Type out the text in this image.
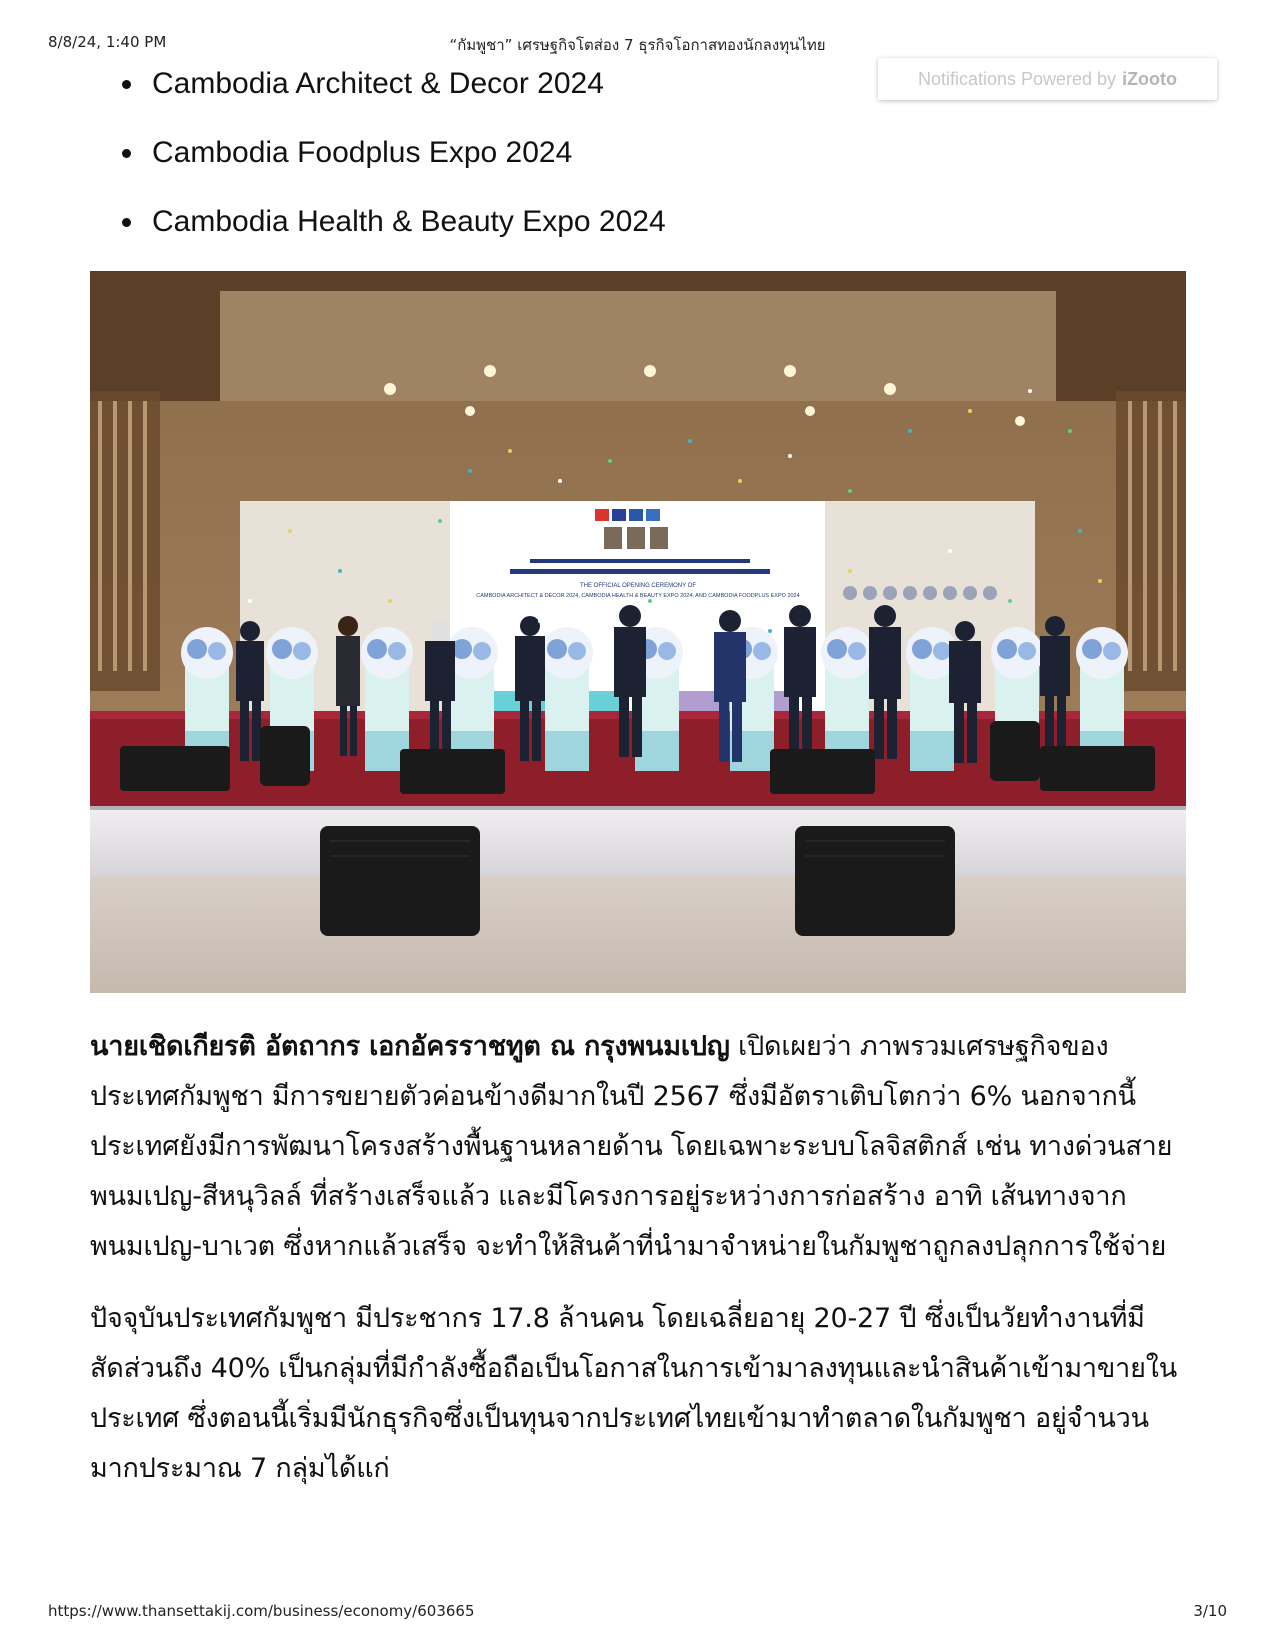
8/8/24, 1:40 PM	“กัมพูชา” เศรษฐกิจโตส่อง 7 ธุรกิจโอกาสทองนักลงทุนไทย
Notifications Powered by iZooto
Cambodia Architect & Decor 2024
Cambodia Foodplus Expo 2024
Cambodia Health & Beauty Expo 2024
THE OFFICIAL OPENING CEREMONY OF
CAMBODIA ARCHITECT & DECOR 2024, CAMBODIA HEALTH & BEAUTY EXPO 2024, AND CAMBODIA FOODPLUS EXPO 2024

นายเชิดเกียรติ อัตถากร เอกอัครราชทูต ณ กรุงพนมเปญ เปิดเผยว่า ภาพรวมเศรษฐกิจของประเทศกัมพูชา มีการขยายตัวค่อนข้างดีมากในปี 2567 ซึ่งมีอัตราเติบโตกว่า 6% นอกจากนี้ประเทศยังมีการพัฒนาโครงสร้างพื้นฐานหลายด้าน โดยเฉพาะระบบโลจิสติกส์ เช่น ทางด่วนสายพนมเปญ-สีหนุวิลล์ ที่สร้างเสร็จแล้ว และมีโครงการอยู่ระหว่างการก่อสร้าง อาทิ เส้นทางจากพนมเปญ-บาเวต ซึ่งหากแล้วเสร็จ จะทำให้สินค้าที่นำมาจำหน่ายในกัมพูชาถูกลงปลุกการใช้จ่าย

ปัจจุบันประเทศกัมพูชา มีประชากร 17.8 ล้านคน โดยเฉลี่ยอายุ 20-27 ปี ซึ่งเป็นวัยทำงานที่มีสัดส่วนถึง 40% เป็นกลุ่มที่มีกำลังซื้อถือเป็นโอกาสในการเข้ามาลงทุนและนำสินค้าเข้ามาขายในประเทศ ซึ่งตอนนี้เริ่มมีนักธุรกิจซึ่งเป็นทุนจากประเทศไทยเข้ามาทำตลาดในกัมพูชา อยู่จำนวนมากประมาณ 7 กลุ่มได้แก่

https://www.thansettakij.com/business/economy/603665	3/10
